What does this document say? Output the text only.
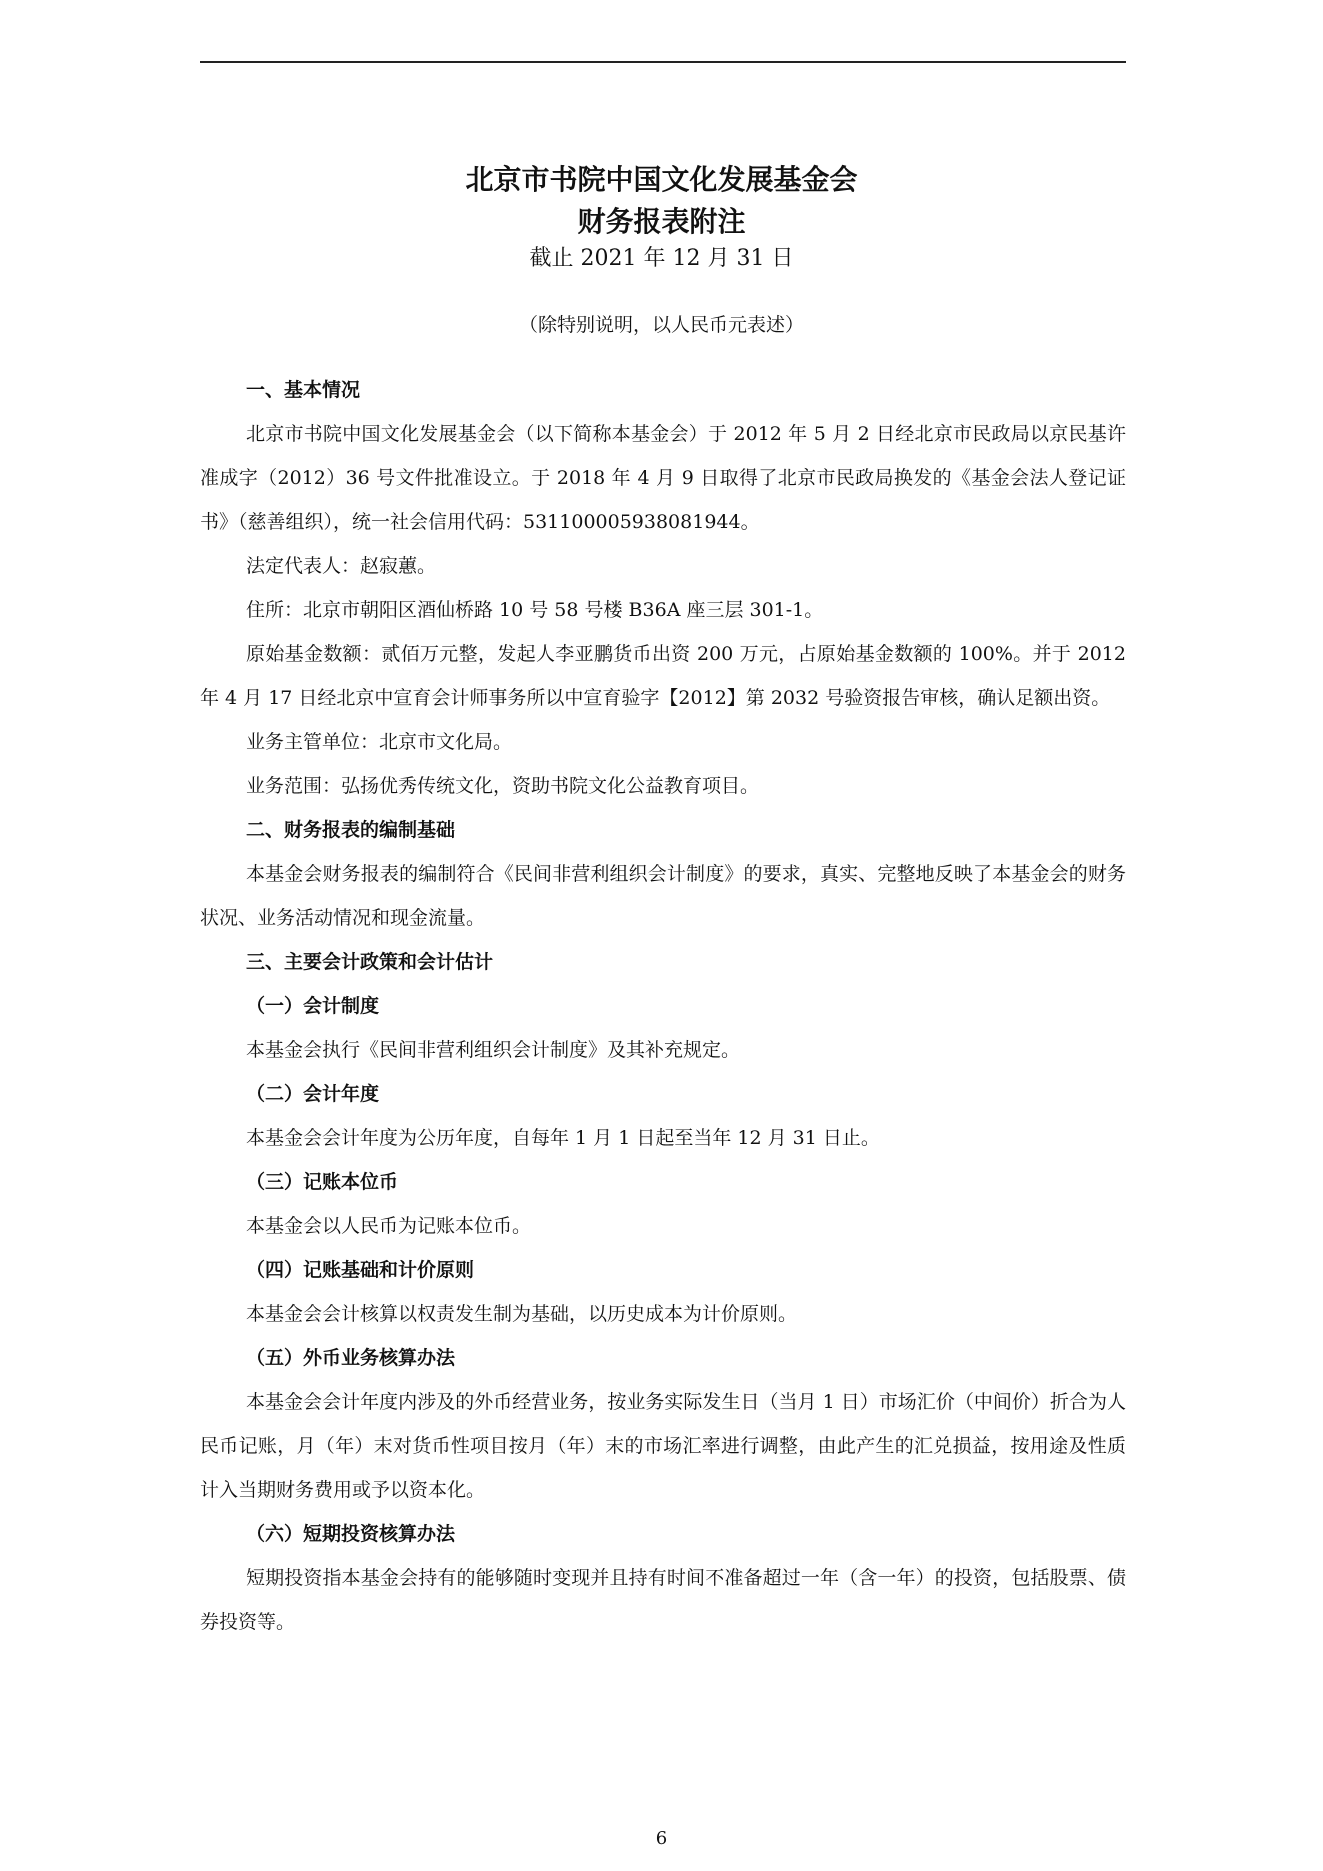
北京市书院中国文化发展基金会
财务报表附注
截止 2021 年 12 月 31 日
（除特别说明，以人民币元表述）

一、基本情况

北京市书院中国文化发展基金会（以下简称本基金会）于 2012 年 5 月 2 日经北京市民政局以京民基许准成字（2012）36 号文件批准设立。于 2018 年 4 月 9 日取得了北京市民政局换发的《基金会法人登记证书》（慈善组织），统一社会信用代码：531100005938081944。

法定代表人：赵寂蕙。

住所：北京市朝阳区酒仙桥路 10 号 58 号楼 B36A 座三层 301-1。

原始基金数额：贰佰万元整，发起人李亚鹏货币出资 200 万元，占原始基金数额的 100%。并于 2012 年 4 月 17 日经北京中宣育会计师事务所以中宣育验字【2012】第 2032 号验资报告审核，确认足额出资。

业务主管单位：北京市文化局。

业务范围：弘扬优秀传统文化，资助书院文化公益教育项目。

二、财务报表的编制基础

本基金会财务报表的编制符合《民间非营利组织会计制度》的要求，真实、完整地反映了本基金会的财务状况、业务活动情况和现金流量。

三、主要会计政策和会计估计

（一）会计制度

本基金会执行《民间非营利组织会计制度》及其补充规定。

（二）会计年度

本基金会会计年度为公历年度，自每年 1 月 1 日起至当年 12 月 31 日止。

（三）记账本位币

本基金会以人民币为记账本位币。

（四）记账基础和计价原则

本基金会会计核算以权责发生制为基础，以历史成本为计价原则。

（五）外币业务核算办法

本基金会会计年度内涉及的外币经营业务，按业务实际发生日（当月 1 日）市场汇价（中间价）折合为人民币记账，月（年）末对货币性项目按月（年）末的市场汇率进行调整，由此产生的汇兑损益，按用途及性质计入当期财务费用或予以资本化。

（六）短期投资核算办法

短期投资指本基金会持有的能够随时变现并且持有时间不准备超过一年（含一年）的投资，包括股票、债券投资等。

6
